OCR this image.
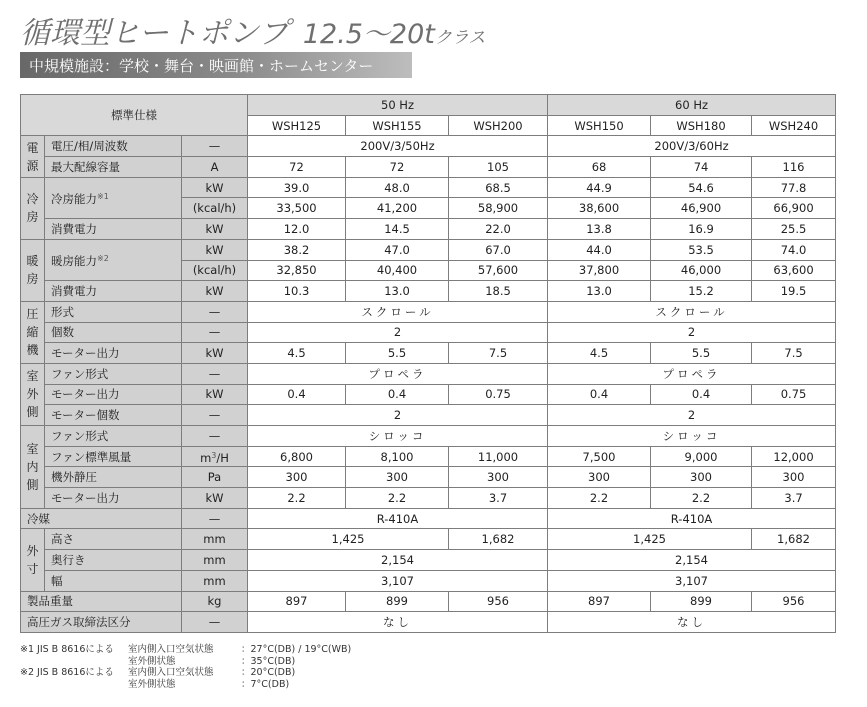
循環型ヒートポンプ 12.5～20tクラス
中規模施設：学校・舞台・映画館・ホームセンター
標準仕様			50 Hz			60 Hz		
			WSH125	WSH155	WSH200	WSH150	WSH180	WSH240

電源	電圧/相/周波数	—	200V/3/50Hz			200V/3/60Hz		
	最大配線容量	A	72	72	105	68	74	116

冷房	冷房能力$^{※1}$	kW	39.0	48.0	68.5	44.9	54.6	77.8
		(kcal/h)	33,500	41,200	58,900	38,600	46,900	66,900
	消費電力	kW	12.0	14.5	22.0	13.8	16.9	25.5

暖房	暖房能力$^{※2}$	kW	38.2	47.0	67.0	44.0	53.5	74.0
		(kcal/h)	32,850	40,400	57,600	37,800	46,000	63,600
	消費電力	kW	10.3	13.0	18.5	13.0	15.2	19.5

圧縮機	形式	—	スクロール			スクロール		
	個数	—	2			2		
	モーター出力	kW	4.5	5.5	7.5	4.5	5.5	7.5

室外側	ファン形式	—	プロペラ			プロペラ		
	モーター出力	kW	0.4	0.4	0.75	0.4	0.4	0.75
	モーター個数	—	2			2		

室内側	ファン形式	—	シロッコ			シロッコ		
	ファン標準風量	$m^3/H$	6,800	8,100	11,000	7,500	9,000	12,000
	機外静圧	Pa	300	300	300	300	300	300
	モーター出力	kW	2.2	2.2	3.7	2.2	2.2	3.7
冷媒		—	R-410A			R-410A		

外寸	高さ	mm	1,425		1,682	1,425		1,682
	奥行き	mm	2,154			2,154		
	幅	mm	3,107			3,107		
製品重量		kg	897	899	956	897	899	956
高圧ガス取締法区分		—	なし			なし		
※1 JIS B 8616による	室内側入口空気状態	：27°C(DB) / 19°C(WB)
室外側状態	：35°C(DB)
※2 JIS B 8616による	室内側入口空気状態	：20°C(DB)
室外側状態	：7°C(DB)
